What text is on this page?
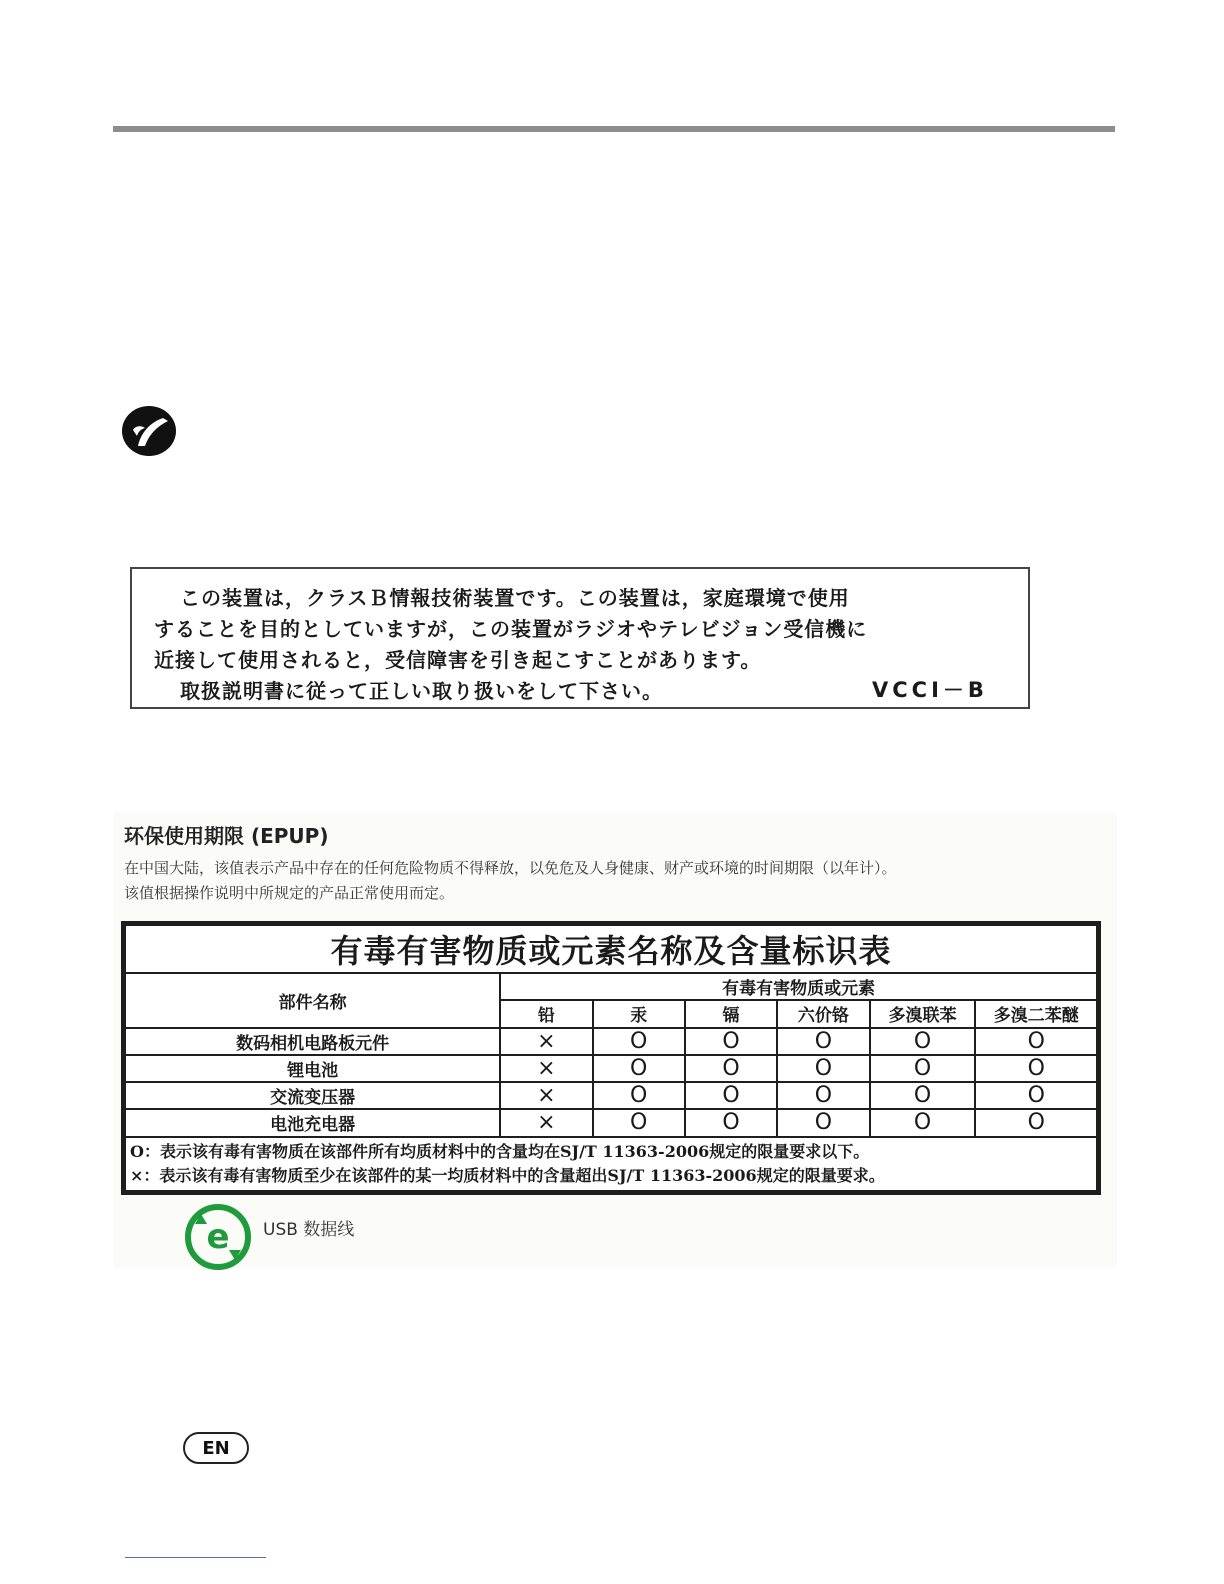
この装置は，クラスＢ情報技術装置です。この装置は，家庭環境で使用
することを目的としていますが，この装置がラジオやテレビジョン受信機に
近接して使用されると，受信障害を引き起こすことがあります。
取扱説明書に従って正しい取り扱いをして下さい。	VCCI－B
环保使用期限 (EPUP)
在中国大陆，该值表示产品中存在的任何危险物质不得释放，以免危及人身健康、财产或环境的时间期限（以年计）。
该值根据操作说明中所规定的产品正常使用而定。
有毒有害物质或元素名称及含量标识表						
部件名称	有毒有害物质或元素					
	铅	汞	镉	六价铬	多溴联苯	多溴二苯醚
数码相机电路板元件	×	O	O	O	O	O
锂电池	×	O	O	O	O	O
交流变压器	×	O	O	O	O	O
电池充电器	×	O	O	O	O	O

O：表示该有毒有害物质在该部件所有均质材料中的含量均在SJ/T 11363-2006规定的限量要求以下。
×：表示该有毒有害物质至少在该部件的某一均质材料中的含量超出SJ/T 11363-2006规定的限量要求。						
e USB 数据线
EN
